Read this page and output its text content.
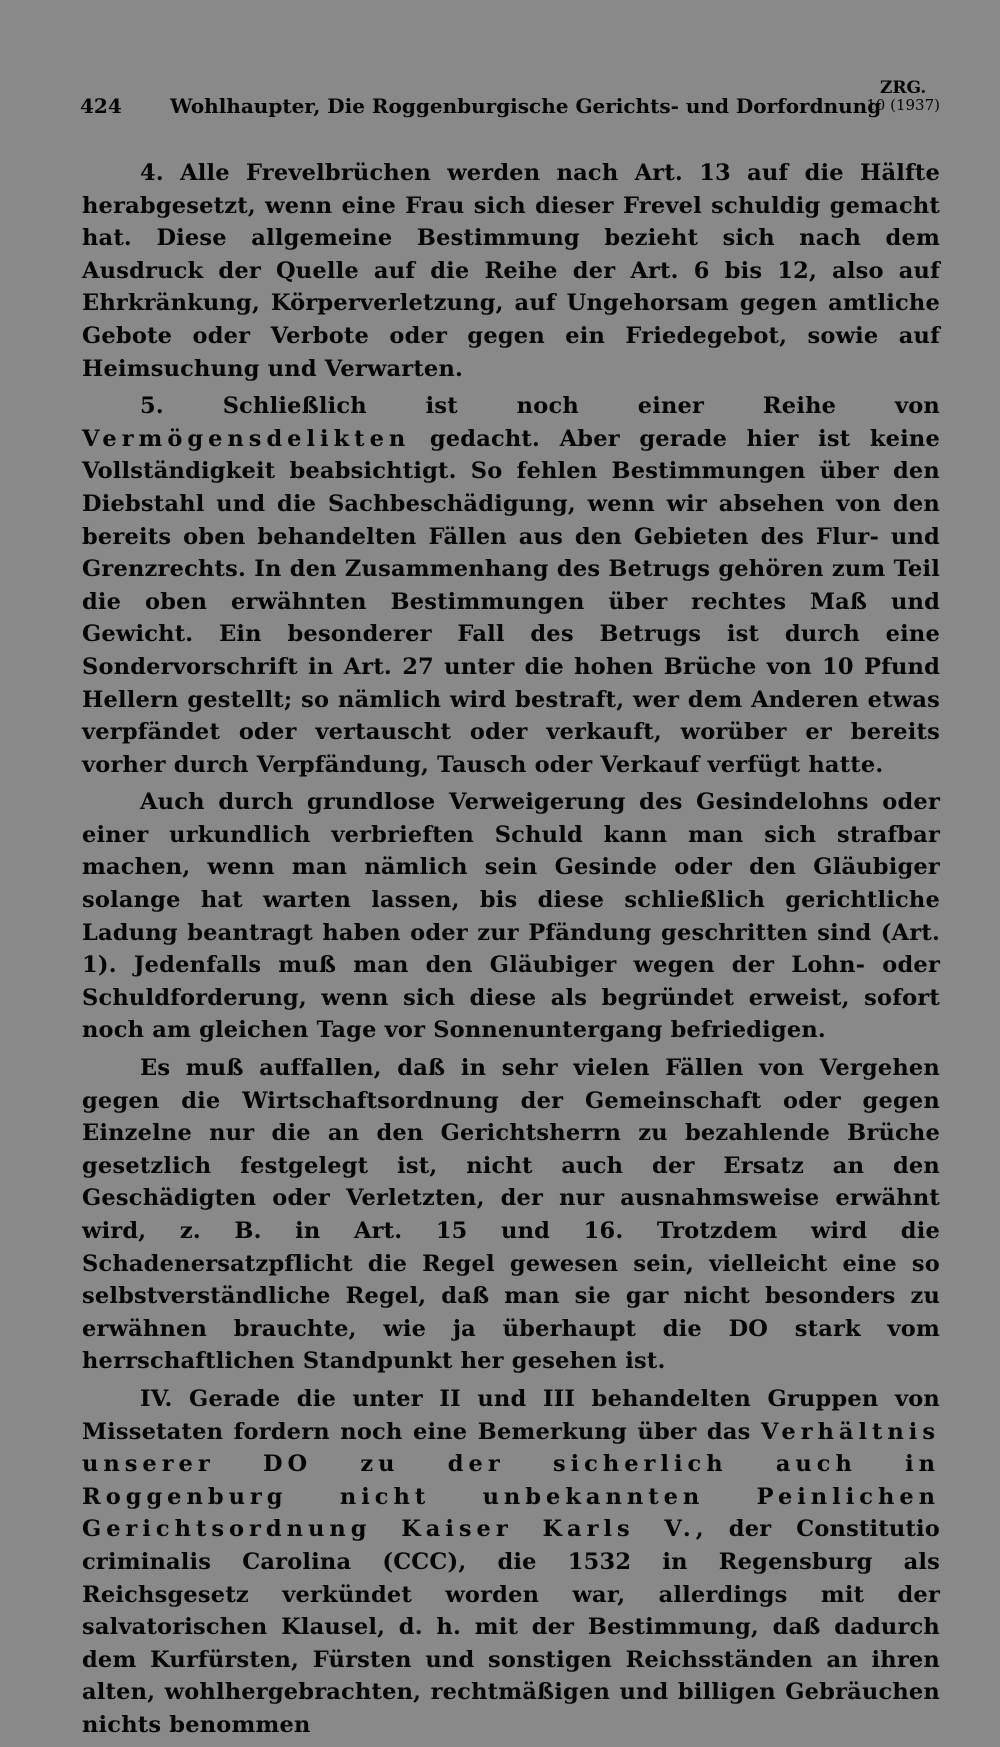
424 Wohlhaupter, Die Roggenburgische Gerichts- und Dorfordnung
ZRG.
10 (1937)

4. Alle Frevelbrüchen werden nach Art. 13 auf die Hälfte herabgesetzt, wenn eine Frau sich dieser Frevel schuldig gemacht hat. Diese allgemeine Bestimmung bezieht sich nach dem Ausdruck der Quelle auf die Reihe der Art. 6 bis 12, also auf Ehrkränkung, Körperverletzung, auf Ungehorsam gegen amtliche Gebote oder Verbote oder gegen ein Friedegebot, sowie auf Heimsuchung und Verwarten.

5. Schließlich ist noch einer Reihe von Vermögensdelikten gedacht. Aber gerade hier ist keine Vollständigkeit beabsichtigt. So fehlen Bestimmungen über den Diebstahl und die Sachbeschädigung, wenn wir absehen von den bereits oben behandelten Fällen aus den Gebieten des Flur- und Grenzrechts. In den Zusammenhang des Betrugs gehören zum Teil die oben erwähnten Bestimmungen über rechtes Maß und Gewicht. Ein besonderer Fall des Betrugs ist durch eine Sondervorschrift in Art. 27 unter die hohen Brüche von 10 Pfund Hellern gestellt; so nämlich wird bestraft, wer dem Anderen etwas verpfändet oder vertauscht oder verkauft, worüber er bereits vorher durch Verpfändung, Tausch oder Verkauf verfügt hatte.

Auch durch grundlose Verweigerung des Gesindelohns oder einer urkundlich verbrieften Schuld kann man sich strafbar machen, wenn man nämlich sein Gesinde oder den Gläubiger solange hat warten lassen, bis diese schließlich gerichtliche Ladung beantragt haben oder zur Pfändung geschritten sind (Art. 1). Jedenfalls muß man den Gläubiger wegen der Lohn- oder Schuldforderung, wenn sich diese als begründet erweist, sofort noch am gleichen Tage vor Sonnenuntergang befriedigen.

Es muß auffallen, daß in sehr vielen Fällen von Vergehen gegen die Wirtschaftsordnung der Gemeinschaft oder gegen Einzelne nur die an den Gerichtsherrn zu bezahlende Brüche gesetzlich festgelegt ist, nicht auch der Ersatz an den Geschädigten oder Verletzten, der nur ausnahmsweise erwähnt wird, z. B. in Art. 15 und 16. Trotzdem wird die Schadenersatzpflicht die Regel gewesen sein, vielleicht eine so selbstverständliche Regel, daß man sie gar nicht besonders zu erwähnen brauchte, wie ja überhaupt die DO stark vom herrschaftlichen Standpunkt her gesehen ist.

IV. Gerade die unter II und III behandelten Gruppen von Missetaten fordern noch eine Bemerkung über das Verhältnis unserer DO zu der sicherlich auch in Roggenburg nicht unbekannten Peinlichen Gerichtsordnung Kaiser Karls V., der Constitutio criminalis Carolina (CCC), die 1532 in Regensburg als Reichsgesetz verkündet worden war, allerdings mit der salvatorischen Klausel, d. h. mit der Bestimmung, daß dadurch dem Kurfürsten, Fürsten und sonstigen Reichsständen an ihren alten, wohlhergebrachten, rechtmäßigen und billigen Gebräuchen nichts benommen
